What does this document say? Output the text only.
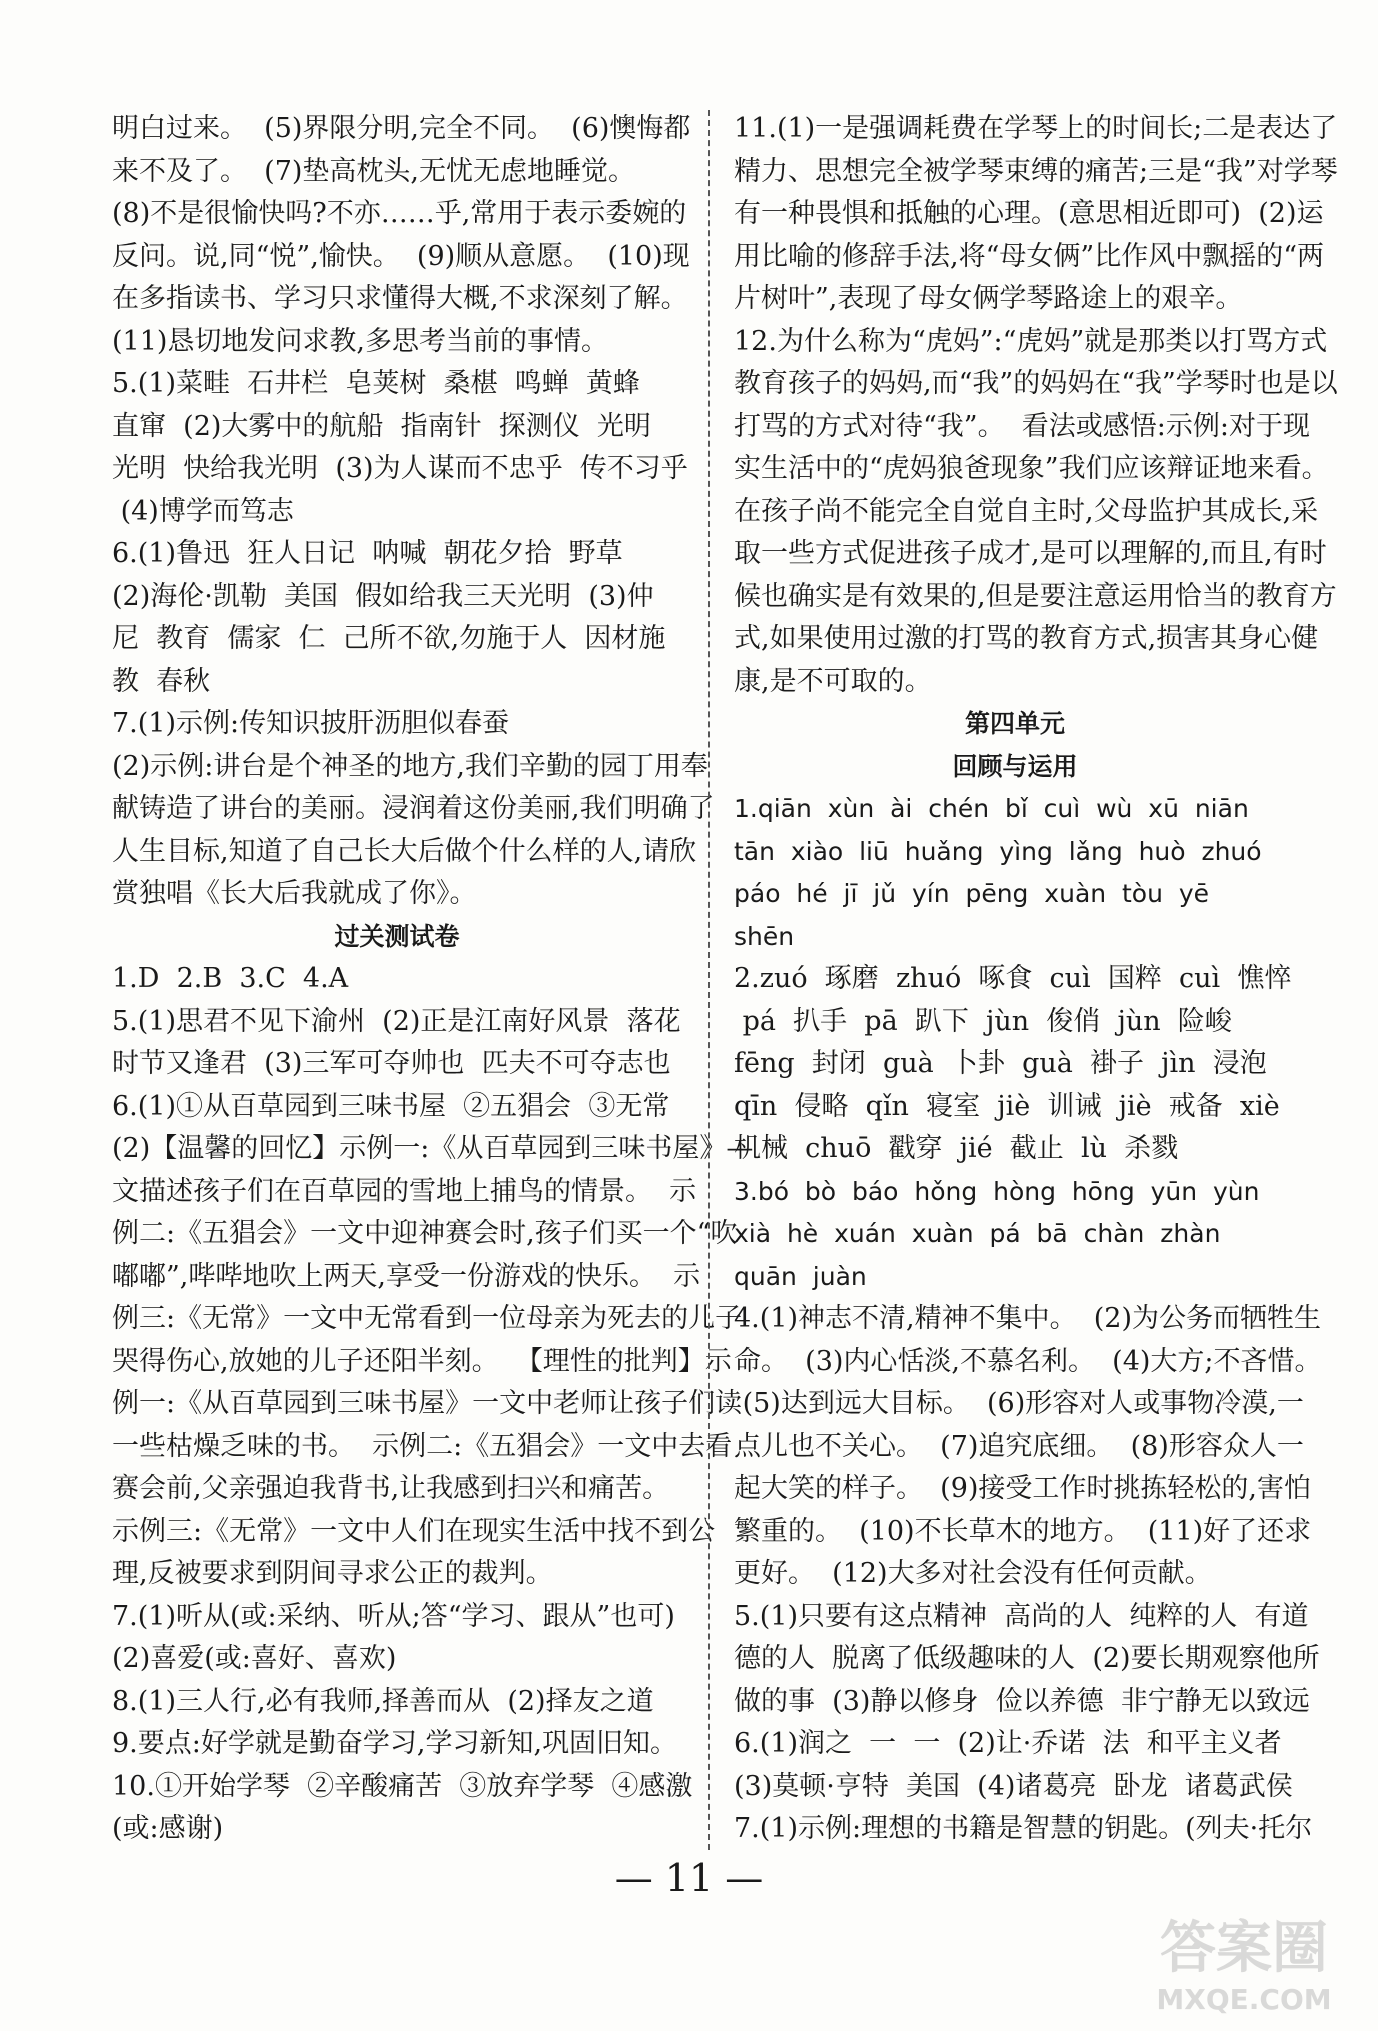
明白过来。  (5)界限分明,完全不同。  (6)懊悔都
来不及了。  (7)垫高枕头,无忧无虑地睡觉。
(8)不是很愉快吗?不亦……乎,常用于表示委婉的
反问。说,同“悦”,愉快。  (9)顺从意愿。  (10)现
在多指读书、学习只求懂得大概,不求深刻了解。
(11)恳切地发问求教,多思考当前的事情。
5.(1)菜畦  石井栏  皂荚树  桑椹  鸣蝉  黄蜂
直窜  (2)大雾中的航船  指南针  探测仪  光明
光明  快给我光明  (3)为人谋而不忠乎  传不习乎
(4)博学而笃志
6.(1)鲁迅  狂人日记  呐喊  朝花夕拾  野草
(2)海伦·凯勒  美国  假如给我三天光明  (3)仲
尼  教育  儒家  仁  己所不欲,勿施于人  因材施
教  春秋
7.(1)示例:传知识披肝沥胆似春蚕
(2)示例:讲台是个神圣的地方,我们辛勤的园丁用奉
献铸造了讲台的美丽。浸润着这份美丽,我们明确了
人生目标,知道了自己长大后做个什么样的人,请欣
赏独唱《长大后我就成了你》。
过关测试卷
1.D  2.B  3.C  4.A
5.(1)思君不见下渝州  (2)正是江南好风景  落花
时节又逢君  (3)三军可夺帅也  匹夫不可夺志也
6.(1)①从百草园到三味书屋  ②五猖会  ③无常
(2)【温馨的回忆】示例一:《从百草园到三味书屋》—
文描述孩子们在百草园的雪地上捕鸟的情景。  示
例二:《五猖会》一文中迎神赛会时,孩子们买一个“吹
嘟嘟”,哔哔地吹上两天,享受一份游戏的快乐。  示
例三:《无常》一文中无常看到一位母亲为死去的儿子
哭得伤心,放她的儿子还阳半刻。  【理性的批判】示
例一:《从百草园到三味书屋》一文中老师让孩子们读
一些枯燥乏味的书。  示例二:《五猖会》一文中去看
赛会前,父亲强迫我背书,让我感到扫兴和痛苦。
示例三:《无常》一文中人们在现实生活中找不到公
理,反被要求到阴间寻求公正的裁判。
7.(1)听从(或:采纳、听从;答“学习、跟从”也可)
(2)喜爱(或:喜好、喜欢)
8.(1)三人行,必有我师,择善而从  (2)择友之道
9.要点:好学就是勤奋学习,学习新知,巩固旧知。
10.①开始学琴  ②辛酸痛苦  ③放弃学琴  ④感激
(或:感谢)
11.(1)一是强调耗费在学琴上的时间长;二是表达了
精力、思想完全被学琴束缚的痛苦;三是“我”对学琴
有一种畏惧和抵触的心理。(意思相近即可)  (2)运
用比喻的修辞手法,将“母女俩”比作风中飘摇的“两
片树叶”,表现了母女俩学琴路途上的艰辛。
12.为什么称为“虎妈”:“虎妈”就是那类以打骂方式
教育孩子的妈妈,而“我”的妈妈在“我”学琴时也是以
打骂的方式对待“我”。  看法或感悟:示例:对于现
实生活中的“虎妈狼爸现象”我们应该辩证地来看。
在孩子尚不能完全自觉自主时,父母监护其成长,采
取一些方式促进孩子成才,是可以理解的,而且,有时
候也确实是有效果的,但是要注意运用恰当的教育方
式,如果使用过激的打骂的教育方式,损害其身心健
康,是不可取的。
第四单元
回顾与运用
1.qiān  xùn  ài  chén  bǐ  cuì  wù  xū  niān
tān  xiào  liū  huǎng  yìng  lǎng  huò  zhuó
páo  hé  jī  jǔ  yín  pēng  xuàn  tòu  yē
shēn
2.zuó  琢磨  zhuó  啄食  cuì  国粹  cuì  憔悴
pá  扒手  pā  趴下  jùn  俊俏  jùn  险峻
fēng  封闭  guà  卜卦  guà  褂子  jìn  浸泡
qīn  侵略  qǐn  寝室  jiè  训诫  jiè  戒备  xiè
机械  chuō  戳穿  jié  截止  lù  杀戮
3.bó  bò  báo  hǒng  hòng  hōng  yūn  yùn
xià  hè  xuán  xuàn  pá  bā  chàn  zhàn
quān  juàn
4.(1)神志不清,精神不集中。  (2)为公务而牺牲生
命。  (3)内心恬淡,不慕名利。  (4)大方;不吝惜。
(5)达到远大目标。  (6)形容对人或事物冷漠,一
点儿也不关心。  (7)追究底细。  (8)形容众人一
起大笑的样子。  (9)接受工作时挑拣轻松的,害怕
繁重的。  (10)不长草木的地方。  (11)好了还求
更好。  (12)大多对社会没有任何贡献。
5.(1)只要有这点精神  高尚的人  纯粹的人  有道
德的人  脱离了低级趣味的人  (2)要长期观察他所
做的事  (3)静以修身  俭以养德  非宁静无以致远
6.(1)润之  一  一  (2)让·乔诺  法  和平主义者
(3)莫顿·亨特  美国  (4)诸葛亮  卧龙  诸葛武侯
7.(1)示例:理想的书籍是智慧的钥匙。(列夫·托尔
— 11 —
答案圈
MXQE.COM
